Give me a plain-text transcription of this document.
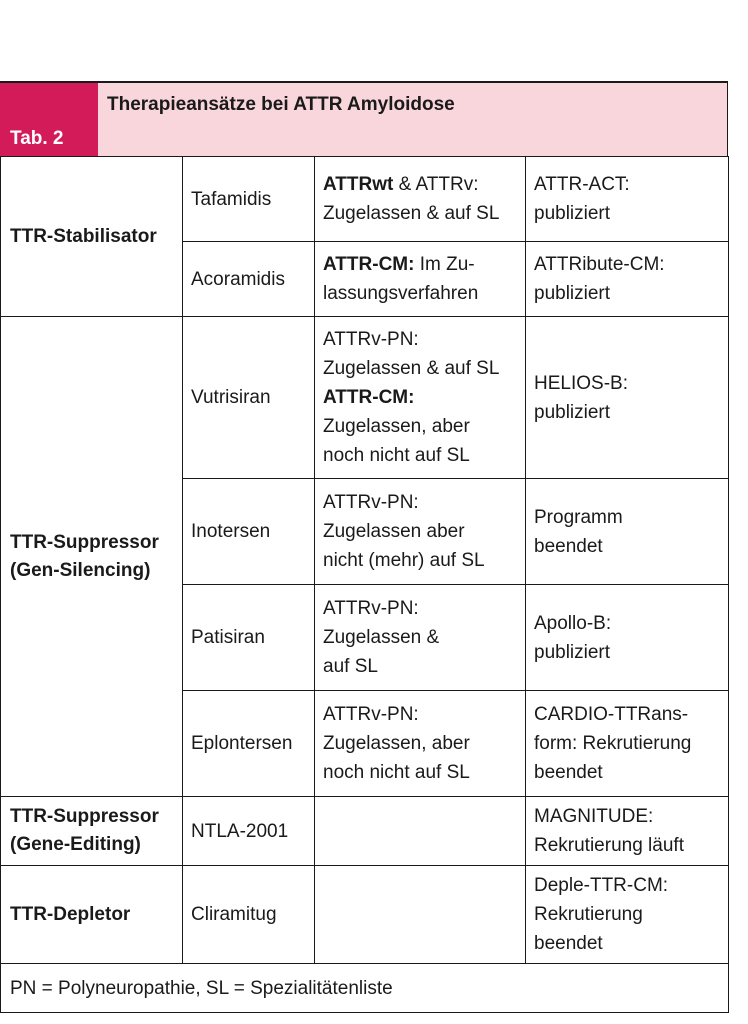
Tab. 2
Therapieansätze bei ATTR Amyloidose
TTR-Stabilisator	Tafamidis	ATTRwt & ATTRv:
Zugelassen & auf SL	ATTR-ACT:
publiziert
	Acoramidis	ATTR-CM: Im Zu-
lassungsverfahren	ATTRibute-CM:
publiziert
TTR-Suppressor
(Gen-Silencing)	Vutrisiran	ATTRv-PN:
Zugelassen & auf SL
ATTR-CM:
Zugelassen, aber
noch nicht auf SL	HELIOS-B:
publiziert
	Inotersen	ATTRv-PN:
Zugelassen aber
nicht (mehr) auf SL	Programm
beendet
	Patisiran	ATTRv-PN:
Zugelassen &
auf SL	Apollo-B:
publiziert
	Eplontersen	ATTRv-PN:
Zugelassen, aber
noch nicht auf SL	CARDIO-TTRans-
form: Rekrutierung
beendet
TTR-Suppressor
(Gene-Editing)	NTLA-2001		MAGNITUDE:
Rekrutierung läuft
TTR-Depletor	Cliramitug		Deple-TTR-CM:
Rekrutierung
beendet
PN = Polyneuropathie, SL = Spezialitätenliste			
